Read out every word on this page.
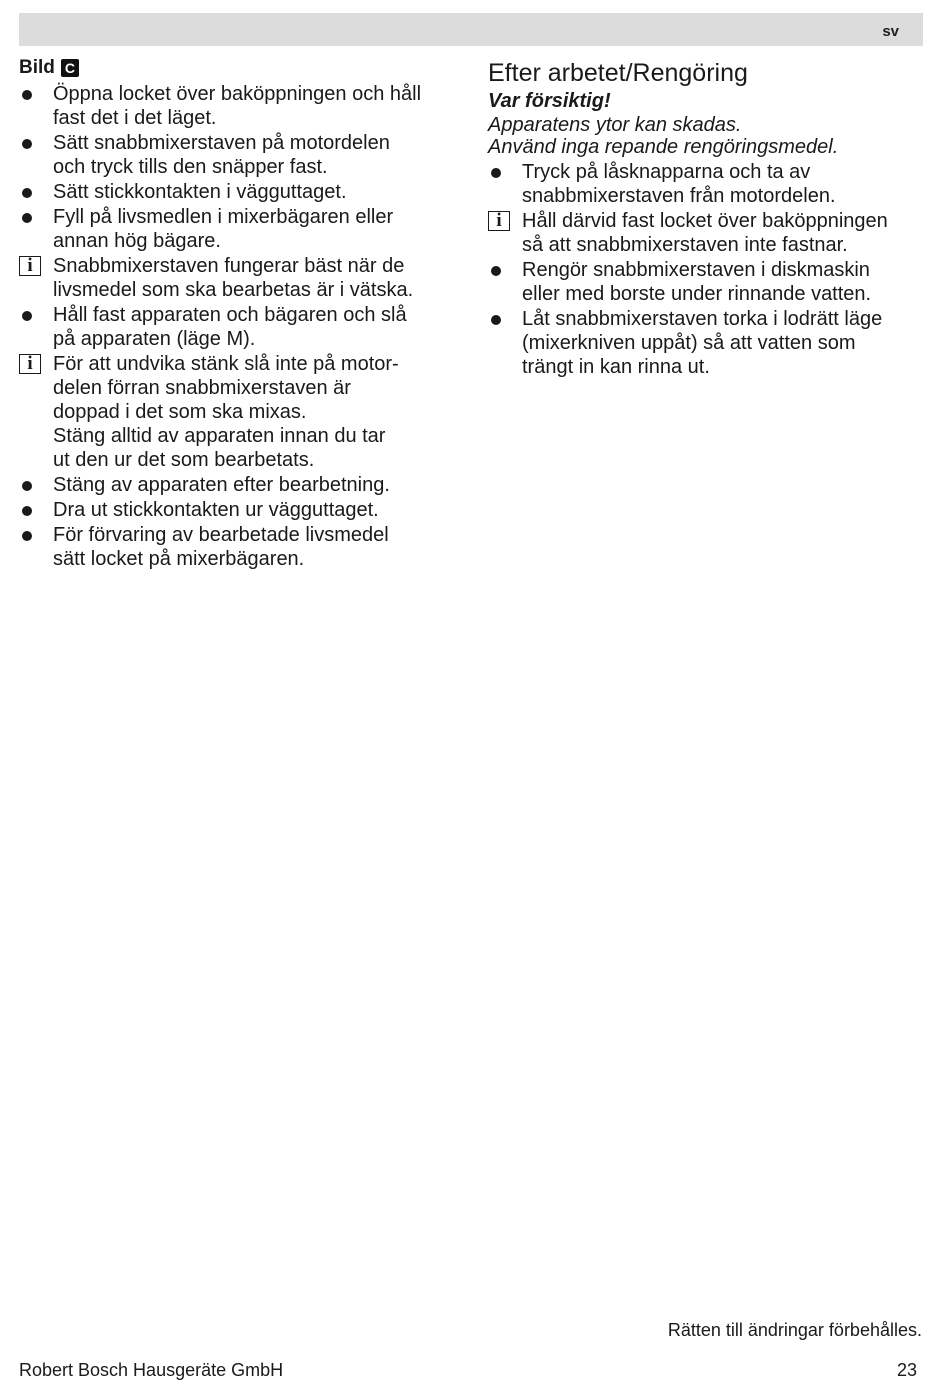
sv
Bild C
Öppna locket över baköppningen och håll
fast det i det läget.
Sätt snabbmixerstaven på motordelen
och tryck tills den snäpper fast.
Sätt stickkontakten i vägguttaget.
Fyll på livsmedlen i mixerbägaren eller
annan hög bägare.
i	Snabbmixerstaven fungerar bäst när de
livsmedel som ska bearbetas är i vätska.
Håll fast apparaten och bägaren och slå
på apparaten (läge M).
i	För att undvika stänk slå inte på motor-
delen förran snabbmixerstaven är
doppad i det som ska mixas.
Stäng alltid av apparaten innan du tar
ut den ur det som bearbetats.
Stäng av apparaten efter bearbetning.
Dra ut stickkontakten ur vägguttaget.
För förvaring av bearbetade livsmedel
sätt locket på mixerbägaren.
Efter arbetet/Rengöring
Var försiktig!
Apparatens ytor kan skadas.
Använd inga repande rengöringsmedel.
Tryck på låsknapparna och ta av
snabbmixerstaven från motordelen.
i	Håll därvid fast locket över baköppningen
så att snabbmixerstaven inte fastnar.
Rengör snabbmixerstaven i diskmaskin
eller med borste under rinnande vatten.
Låt snabbmixerstaven torka i lodrätt läge
(mixerkniven uppåt) så att vatten som
trängt in kan rinna ut.
Rätten till ändringar förbehålles.
Robert Bosch Hausgeräte GmbH	23
